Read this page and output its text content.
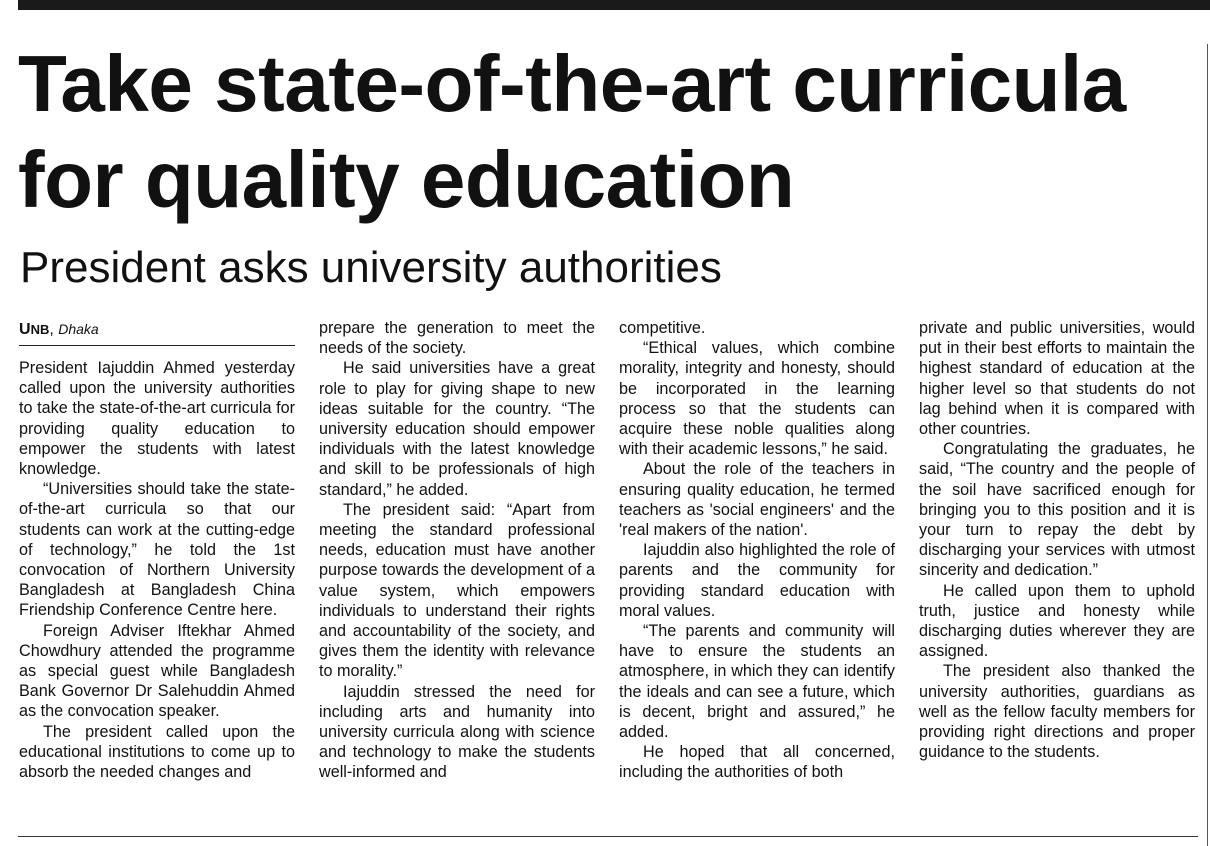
Take state-of-the-art curricula for quality education
President asks university authorities

UNB, Dhaka

President Iajuddin Ahmed yesterday called upon the university authorities to take the state-of-the-art curricula for providing quality education to empower the students with latest knowledge.

“Universities should take the state-of-the-art curricula so that our students can work at the cutting-edge of technology,” he told the 1st convocation of Northern University Bangladesh at Bangladesh China Friendship Conference Centre here.

Foreign Adviser Iftekhar Ahmed Chowdhury attended the programme as special guest while Bangladesh Bank Governor Dr Salehuddin Ahmed as the convocation speaker.

The president called upon the educational institutions to come up to absorb the needed changes and

prepare the generation to meet the needs of the society.

He said universities have a great role to play for giving shape to new ideas suitable for the country. “The university education should empower individuals with the latest knowledge and skill to be professionals of high standard,” he added.

The president said: “Apart from meeting the standard professional needs, education must have another purpose towards the development of a value system, which empowers individuals to understand their rights and accountability of the society, and gives them the identity with relevance to morality.”

Iajuddin stressed the need for including arts and humanity into university curricula along with science and technology to make the students well-informed and

competitive.

“Ethical values, which combine morality, integrity and honesty, should be incorporated in the learning process so that the students can acquire these noble qualities along with their academic lessons,” he said.

About the role of the teachers in ensuring quality education, he termed teachers as 'social engineers' and the 'real makers of the nation'.

Iajuddin also highlighted the role of parents and the community for providing standard education with moral values.

“The parents and community will have to ensure the students an atmosphere, in which they can identify the ideals and can see a future, which is decent, bright and assured,” he added.

He hoped that all concerned, including the authorities of both

private and public universities, would put in their best efforts to maintain the highest standard of education at the higher level so that students do not lag behind when it is compared with other countries.

Congratulating the graduates, he said, “The country and the people of the soil have sacrificed enough for bringing you to this position and it is your turn to repay the debt by discharging your services with utmost sincerity and dedication.”

He called upon them to uphold truth, justice and honesty while discharging duties wherever they are assigned.

The president also thanked the university authorities, guardians as well as the fellow faculty members for providing right directions and proper guidance to the students.
